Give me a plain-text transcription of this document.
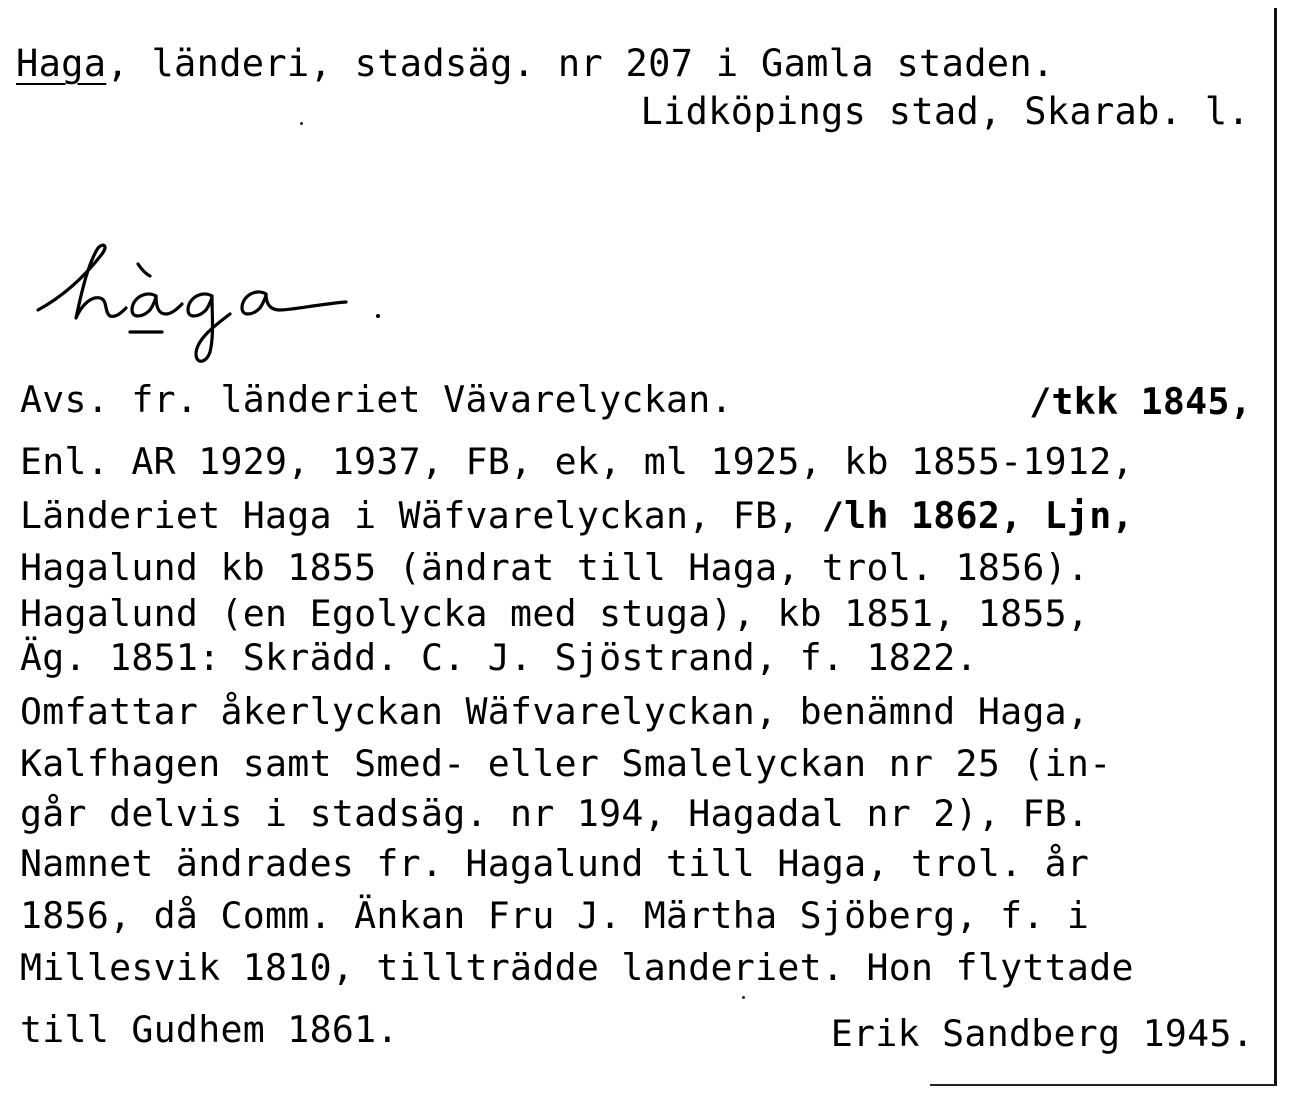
Haga, länderi, stadsäg. nr 207 i Gamla staden.
Lidköpings stad, Skarab. l.
Avs. fr. länderiet Vävarelyckan.	/tkk 1845,
Enl. AR 1929, 1937, FB, ek, ml 1925, kb 1855-1912,
Länderiet Haga i Wäfvarelyckan, FB, /lh 1862, Ljn,
Hagalund kb 1855 (ändrat till Haga, trol. 1856).
Hagalund (en Egolycka med stuga), kb 1851, 1855,
Äg. 1851: Skrädd. C. J. Sjöstrand, f. 1822.
Omfattar åkerlyckan Wäfvarelyckan, benämnd Haga,
Kalfhagen samt Smed- eller Smalelyckan nr 25 (in-
går delvis i stadsäg. nr 194, Hagadal nr 2), FB.
Namnet ändrades fr. Hagalund till Haga, trol. år
1856, då Comm. Änkan Fru J. Märtha Sjöberg, f. i
Millesvik 1810, tillträdde landeriet. Hon flyttade
till Gudhem 1861.	Erik Sandberg 1945.
